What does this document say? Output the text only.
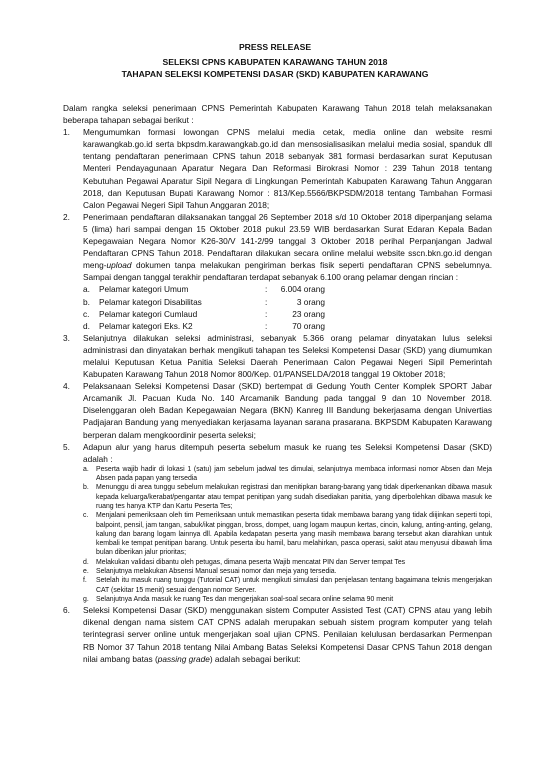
PRESS RELEASE
SELEKSI CPNS KABUPATEN KARAWANG TAHUN 2018
TAHAPAN SELEKSI KOMPETENSI DASAR (SKD) KABUPATEN KARAWANG

Dalam rangka seleksi penerimaan CPNS Pemerintah Kabupaten Karawang Tahun 2018 telah melaksanakan beberapa tahapan sebagai berikut :

1. Mengumumkan formasi lowongan CPNS melalui media cetak, media online dan website resmi karawangkab.go.id serta bkpsdm.karawangkab.go.id dan mensosialisasikan melalui media sosial, spanduk dll tentang pendaftaran penerimaan CPNS tahun 2018 sebanyak 381 formasi berdasarkan surat Keputusan Menteri Pendayagunaan Aparatur Negara Dan Reformasi Birokrasi Nomor : 239 Tahun 2018 tentang Kebutuhan Pegawai Aparatur Sipil Negara di Lingkungan Pemerintah Kabupaten Karawang Tahun Anggaran 2018, dan Keputusan Bupati Karawang Nomor : 813/Kep.5566/BKPSDM/2018 tentang Tambahan Formasi Calon Pegawai Negeri Sipil Tahun Anggaran 2018;
2. Penerimaan pendaftaran dilaksanakan tanggal 26 September 2018 s/d 10 Oktober 2018 diperpanjang selama 5 (lima) hari sampai dengan 15 Oktober 2018 pukul 23.59 WIB berdasarkan Surat Edaran Kepala Badan Kepegawaian Negara Nomor K26-30/V 141-2/99 tanggal 3 Oktober 2018 perihal Perpanjangan Jadwal Pendaftaran CPNS Tahun 2018. Pendaftaran dilakukan secara online melalui website sscn.bkn.go.id dengan meng-upload dokumen tanpa melakukan pengiriman berkas fisik seperti pendaftaran CPNS sebelumnya. Sampai dengan tanggal terakhir pendaftaran terdapat sebanyak 6.100 orang pelamar dengan rincian :
a. Pelamar kategori Umum	:	6.004 orang
b. Pelamar kategori Disabilitas	:	3 orang
c. Pelamar kategori Cumlaud	:	23 orang
d. Pelamar kategori Eks. K2	:	70 orang
3. Selanjutnya dilakukan seleksi administrasi, sebanyak 5.366 orang pelamar dinyatakan lulus seleksi administrasi dan dinyatakan berhak mengikuti tahapan tes Seleksi Kompetensi Dasar (SKD) yang diumumkan melalui Keputusan Ketua Panitia Seleksi Daerah Penerimaan Calon Pegawai Negeri Sipil Pemerintah Kabupaten Karawang Tahun 2018 Nomor 800/Kep. 01/PANSELDA/2018 tanggal 19 Oktober 2018;
4. Pelaksanaan Seleksi Kompetensi Dasar (SKD) bertempat di Gedung Youth Center Komplek SPORT Jabar Arcamanik Jl. Pacuan Kuda No. 140 Arcamanik Bandung pada tanggal 9 dan 10 November 2018. Diselenggaran oleh Badan Kepegawaian Negara (BKN) Kanreg III Bandung bekerjasama dengan Univertias Padjajaran Bandung yang menyediakan kerjasama layanan sarana prasarana. BKPSDM Kabupaten Karawang berperan dalam mengkoordinir peserta seleksi;
5. Adapun alur yang harus ditempuh peserta sebelum masuk ke ruang tes Seleksi Kompetensi Dasar (SKD) adalah :
a. Peserta wajib hadir di lokasi 1 (satu) jam sebelum jadwal tes dimulai, selanjutnya membaca informasi nomor Absen dan Meja Absen pada papan yang tersedia
b. Menunggu di area tunggu sebelum melakukan registrasi dan menitipkan barang-barang yang tidak diperkenankan dibawa masuk kepada keluarga/kerabat/pengantar atau tempat penitipan yang sudah disediakan panitia, yang diperbolehkan dibawa masuk ke ruang tes hanya KTP dan Kartu Peserta Tes;
c. Menjalani pemeriksaan oleh tim Pemeriksaan untuk memastikan peserta tidak membawa barang yang tidak diijinkan seperti topi, balpoint, pensil, jam tangan, sabuk/ikat pinggan, bross, dompet, uang logam maupun kertas, cincin, kalung, anting-anting, gelang, kalung dan barang logam lainnya dll. Apabila kedapatan peserta yang masih membawa barang tersebut akan diarahkan untuk kembali ke tempat penitipan barang. Untuk peserta ibu hamil, baru melahirkan, pasca operasi, sakit atau menyusui dibawah lima bulan diberikan jalur prioritas;
d. Melakukan validasi dibantu oleh petugas, dimana peserta Wajib mencatat PIN dan Server tempat Tes
e. Selanjutnya melakukan Absensi Manual sesuai nomor dan meja yang tersedia.
f. Setelah itu masuk ruang tunggu (Tutorial CAT) untuk mengikuti simulasi dan penjelasan tentang bagaimana teknis mengerjakan CAT (sekitar 15 menit) sesuai dengan nomor Server.
g. Selanjutnya Anda masuk ke ruang Tes dan mengerjakan soal-soal secara online selama 90 menit
6. Seleksi Kompetensi Dasar (SKD) menggunakan sistem Computer Assisted Test (CAT) CPNS atau yang lebih dikenal dengan nama sistem CAT CPNS adalah merupakan sebuah sistem program komputer yang telah terintegrasi server online untuk mengerjakan soal ujian CPNS. Penilaian kelulusan berdasarkan Permenpan RB Nomor 37 Tahun 2018 tentang Nilai Ambang Batas Seleksi Kompetensi Dasar CPNS Tahun 2018 dengan nilai ambang batas (passing grade) adalah sebagai berikut:
